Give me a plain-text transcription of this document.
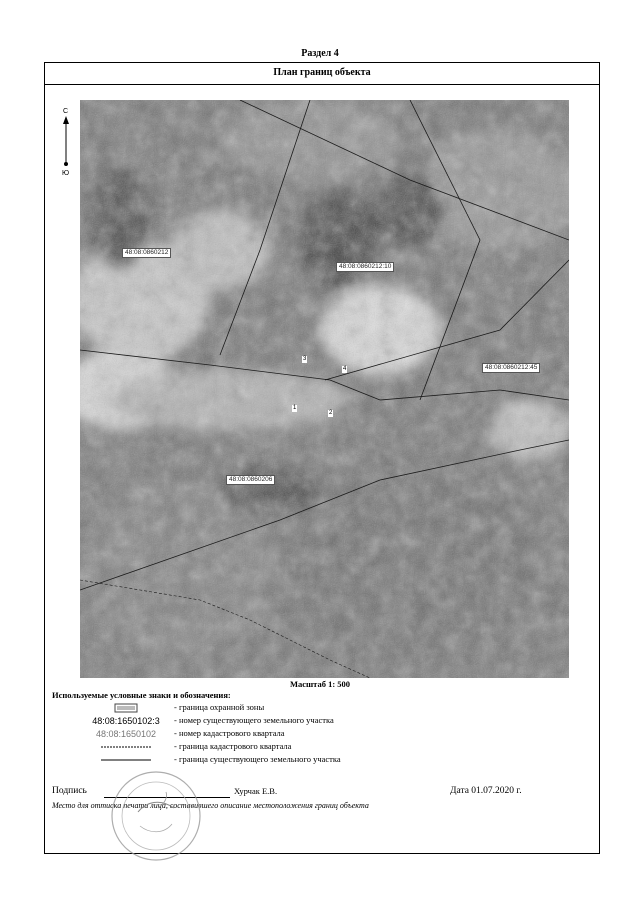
Раздел 4
План границ объекта
С
Ю
48:08:0860212
48:08:0860212:10
48:08:0860212:45
48:08:0860206
3
4
1
2
Масштаб 1: 500
Используемые условные знаки и обозначения:
- граница охранной зоны
48:08:1650102:3	- номер существующего земельного участка
48:08:1650102	- номер кадастрового квартала
- граница кадастрового квартала
- граница существующего земельного участка
Подпись	Хурчак Е.В.	Дата 01.07.2020 г.
Место для оттиска печати лица, составившего описание местоположения границ объекта
